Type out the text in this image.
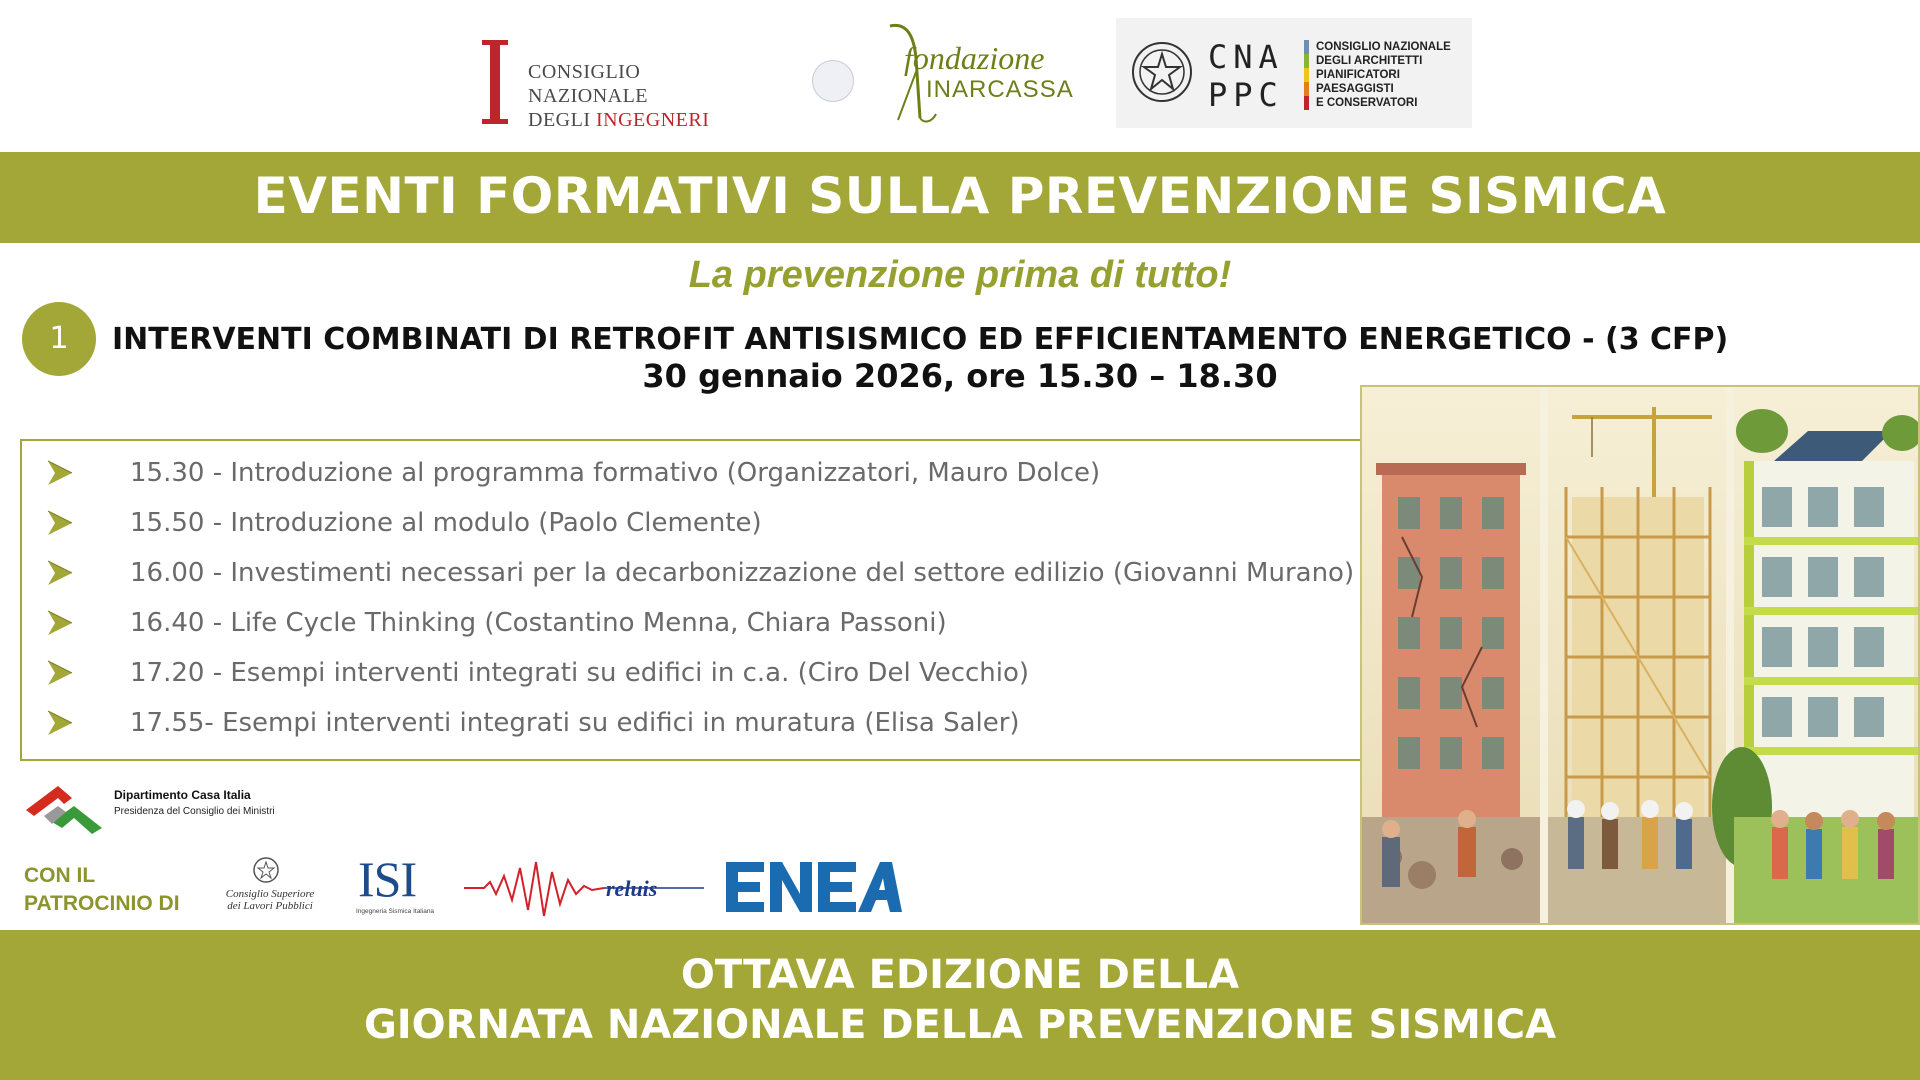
CONSIGLIO NAZIONALE
DEGLI INGEGNERI
fondazione
INARCASSA
CNA
PPC
CONSIGLIO NAZIONALE
DEGLI ARCHITETTI
PIANIFICATORI
PAESAGGISTI
E CONSERVATORI
EVENTI FORMATIVI SULLA PREVENZIONE SISMICA
La prevenzione prima di tutto!
1	INTERVENTI COMBINATI DI RETROFIT ANTISISMICO ED EFFICIENTAMENTO ENERGETICO - (3 CFP)
30 gennaio 2026, ore 15.30 – 18.30
15.30 - Introduzione al programma formativo (Organizzatori, Mauro Dolce)
15.50 - Introduzione al modulo (Paolo Clemente)
16.00 - Investimenti necessari per la decarbonizzazione del settore edilizio (Giovanni Murano)
16.40 - Life Cycle Thinking (Costantino Menna, Chiara Passoni)
17.20 - Esempi interventi integrati su edifici in c.a. (Ciro Del Vecchio)
17.55- Esempi interventi integrati su edifici in muratura (Elisa Saler)
Dipartimento Casa Italia
Presidenza del Consiglio dei Ministri
CON IL
PATROCINIO DI	Consiglio Superiore
dei Lavori Pubblici ISI
Ingegneria Sismica Italiana
reluis
OTTAVA EDIZIONE DELLA
GIORNATA NAZIONALE DELLA PREVENZIONE SISMICA
